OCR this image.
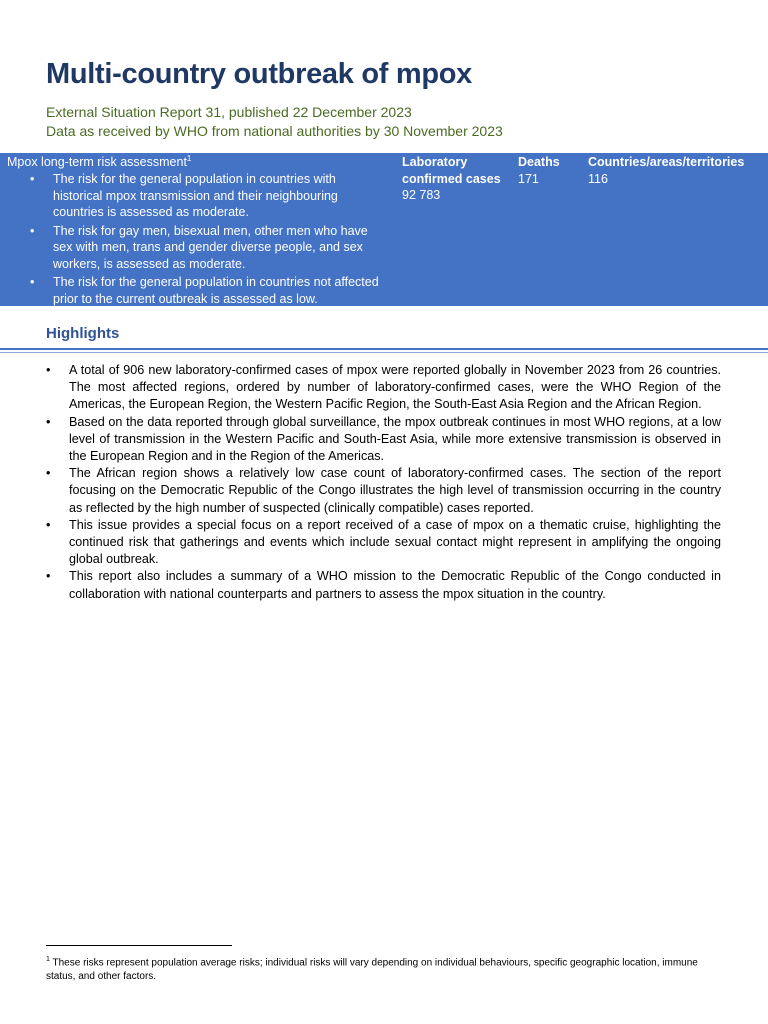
Multi-country outbreak of mpox
External Situation Report 31, published 22 December 2023
Data as received by WHO from national authorities by 30 November 2023
Mpox long-term risk assessment$^1$
• The risk for the general population in countries with historical mpox transmission and their neighbouring countries is assessed as moderate.
• The risk for gay men, bisexual men, other men who have sex with men, trans and gender diverse people, and sex workers, is assessed as moderate.
• The risk for the general population in countries not affected prior to the current outbreak is assessed as low.
Laboratory confirmed cases
92 783
Deaths
171
Countries/areas/territories
116
Highlights
• A total of 906 new laboratory-confirmed cases of mpox were reported globally in November 2023 from 26 countries. The most affected regions, ordered by number of laboratory-confirmed cases, were the WHO Region of the Americas, the European Region, the Western Pacific Region, the South-East Asia Region and the African Region.
• Based on the data reported through global surveillance, the mpox outbreak continues in most WHO regions, at a low level of transmission in the Western Pacific and South-East Asia, while more extensive transmission is observed in the European Region and in the Region of the Americas.
• The African region shows a relatively low case count of laboratory-confirmed cases. The section of the report focusing on the Democratic Republic of the Congo illustrates the high level of transmission occurring in the country as reflected by the high number of suspected (clinically compatible) cases reported.
• This issue provides a special focus on a report received of a case of mpox on a thematic cruise, highlighting the continued risk that gatherings and events which include sexual contact might represent in amplifying the ongoing global outbreak.
• This report also includes a summary of a WHO mission to the Democratic Republic of the Congo conducted in collaboration with national counterparts and partners to assess the mpox situation in the country.
$^1$ These risks represent population average risks; individual risks will vary depending on individual behaviours, specific geographic location, immune status, and other factors.
